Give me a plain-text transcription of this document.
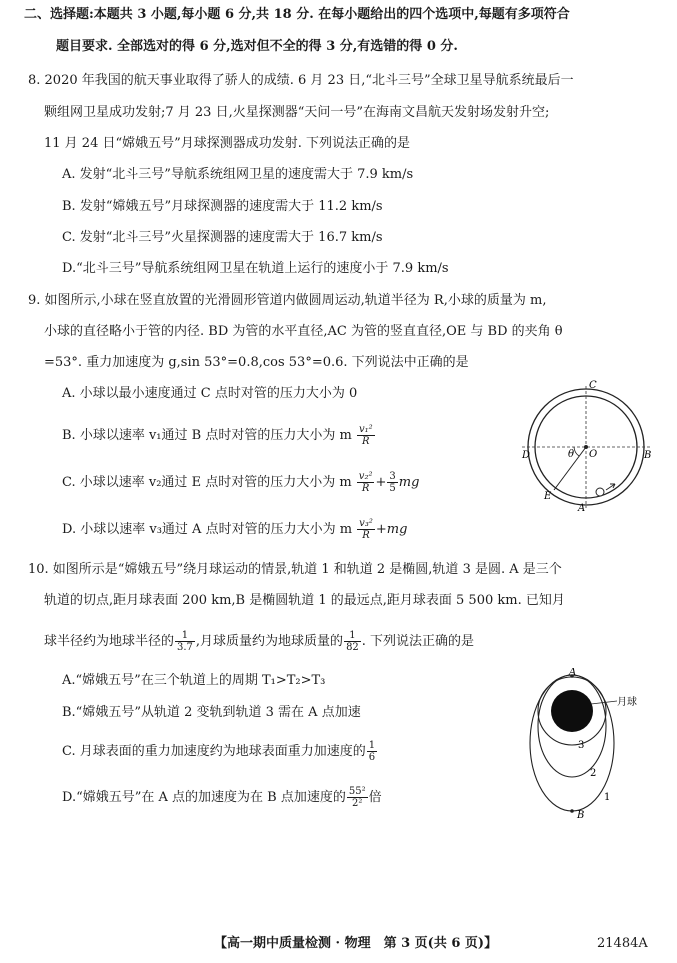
二、选择题:本题共 3 小题,每小题 6 分,共 18 分. 在每小题给出的四个选项中,每题有多项符合
题目要求. 全部选对的得 6 分,选对但不全的得 3 分,有选错的得 0 分.
8. 2020 年我国的航天事业取得了骄人的成绩. 6 月 23 日,“北斗三号”全球卫星导航系统最后一
颗组网卫星成功发射;7 月 23 日,火星探测器“天问一号”在海南文昌航天发射场发射升空;
11 月 24 日“嫦娥五号”月球探测器成功发射. 下列说法正确的是
A. 发射“北斗三号”导航系统组网卫星的速度需大于 7.9 km/s
B. 发射“嫦娥五号”月球探测器的速度需大于 11.2 km/s
C. 发射“北斗三号”火星探测器的速度需大于 16.7 km/s
D.“北斗三号”导航系统组网卫星在轨道上运行的速度小于 7.9 km/s
9. 如图所示,小球在竖直放置的光滑圆形管道内做圆周运动,轨道半径为 R,小球的质量为 m,
小球的直径略小于管的内径. BD 为管的水平直径,AC 为管的竖直直径,OE 与 BD 的夹角 θ
=53°. 重力加速度为 g,sin 53°=0.8,cos 53°=0.6. 下列说法中正确的是
A. 小球以最小速度通过 C 点时对管的压力大小为 0
B. 小球以速率 v₁通过 B 点时对管的压力大小为 m $\frac{\text{v₁²}}{R}$
C. 小球以速率 v₂通过 E 点时对管的压力大小为 m $\frac{\text{v₂²}}{R} + \frac{3}{5}$ mg
D. 小球以速率 v₃通过 A 点时对管的压力大小为 m $\frac{\text{v₃²}}{R} +mg$
C
D	B
O
θ
E
A
10. 如图所示是“嫦娥五号”绕月球运动的情景,轨道 1 和轨道 2 是椭圆,轨道 3 是圆. A 是三个
轨道的切点,距月球表面 200 km,B 是椭圆轨道 1 的最远点,距月球表面 5 500 km. 已知月
球半径约为地球半径的 $\frac{1}{3.7}$ ,月球质量约为地球质量的 $\frac{1}{82}$ . 下列说法正确的是
A.“嫦娥五号”在三个轨道上的周期 T₁>T₂>T₃
B.“嫦娥五号”从轨道 2 变轨到轨道 3 需在 A 点加速
C. 月球表面的重力加速度约为地球表面重力加速度的 $\frac{1}{6}$
D.“嫦娥五号”在 A 点的加速度为在 B 点加速度的 $\frac{\text{55²}}{\text{2²}}$ 倍
A
B
月球
1
2
3
【高一期中质量检测 · 物理　第 3 页(共 6 页)】	21484A
